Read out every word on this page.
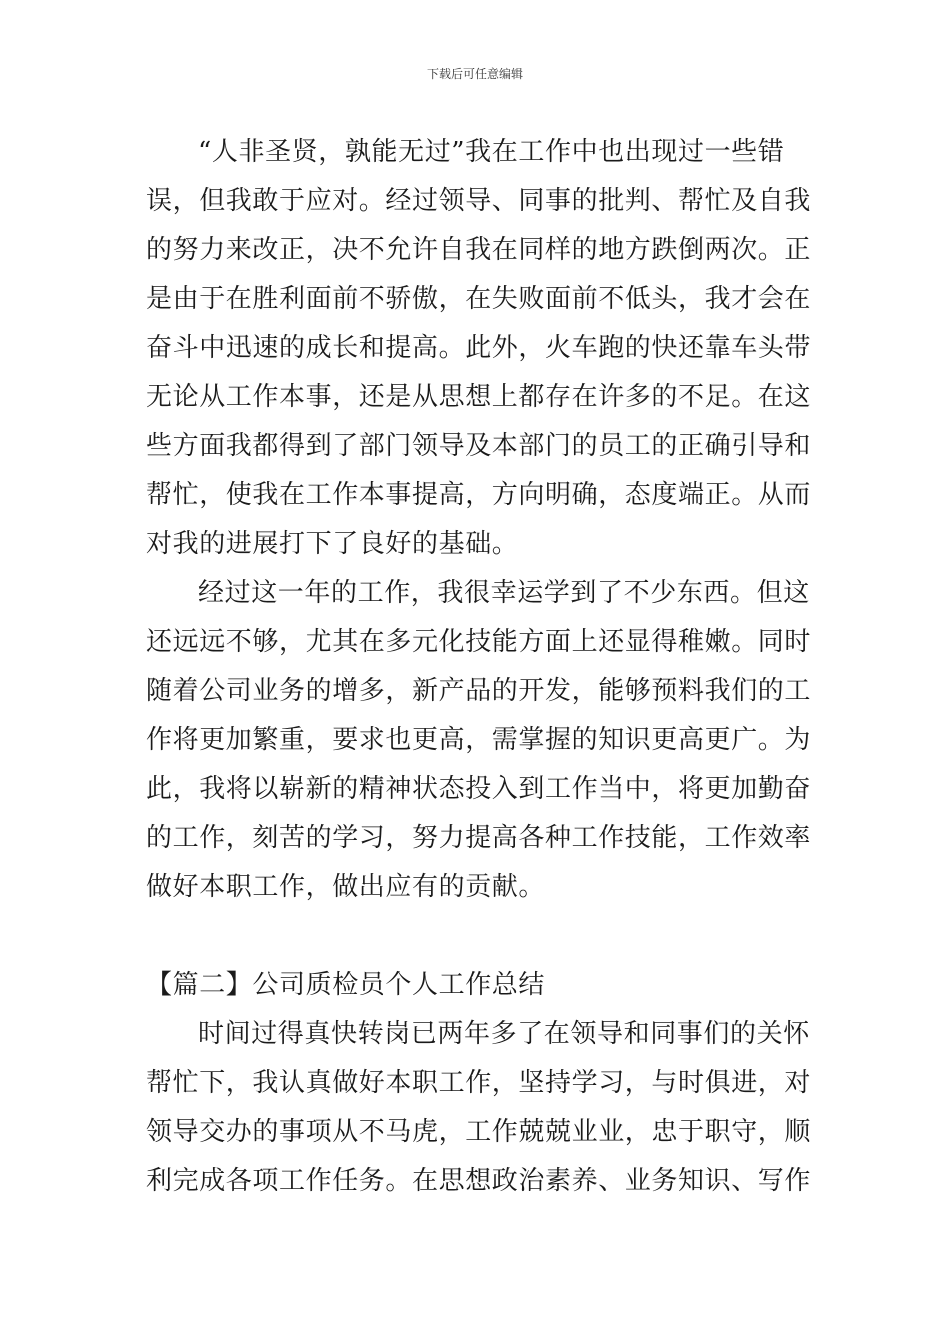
下载后可任意编辑
“人非圣贤，孰能无过”我在工作中也出现过一些错
误，但我敢于应对。经过领导、同事的批判、帮忙及自我
的努力来改正，决不允许自我在同样的地方跌倒两次。正
是由于在胜利面前不骄傲，在失败面前不低头，我才会在
奋斗中迅速的成长和提高。此外，火车跑的快还靠车头带
无论从工作本事，还是从思想上都存在许多的不足。在这
些方面我都得到了部门领导及本部门的员工的正确引导和
帮忙，使我在工作本事提高，方向明确，态度端正。从而
对我的进展打下了良好的基础。
经过这一年的工作，我很幸运学到了不少东西。但这
还远远不够，尤其在多元化技能方面上还显得稚嫩。同时
随着公司业务的增多，新产品的开发，能够预料我们的工
作将更加繁重，要求也更高，需掌握的知识更高更广。为
此，我将以崭新的精神状态投入到工作当中，将更加勤奋
的工作，刻苦的学习，努力提高各种工作技能，工作效率
做好本职工作，做出应有的贡献。
【篇二】公司质检员个人工作总结
时间过得真快转岗已两年多了在领导和同事们的关怀
帮忙下，我认真做好本职工作，坚持学习，与时俱进，对
领导交办的事项从不马虎，工作兢兢业业，忠于职守，顺
利完成各项工作任务。在思想政治素养、业务知识、写作
